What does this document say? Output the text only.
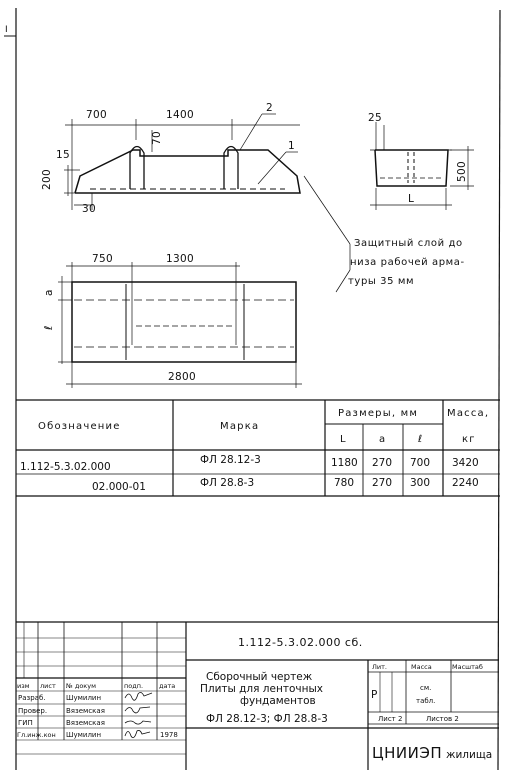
I
700	1400
70
15
200
30
2
1
25
500
L
Защитный слой до
низа рабочей арма-
туры 35 мм
750	1300
a
ℓ
2800
Обозначение	Марка
Размеры, мм	Масса,
кг
L	a	ℓ
1.112-5.3.02.000
ФЛ 28.12-3	1180 270 700 3420
02.000-01	ФЛ 28.8-3	780 270 300 2240
1.112-5.3.02.000 сб.
Сборочный чертеж
Плиты для ленточных
фундаментов
ФЛ 28.12-3; ФЛ 28.8-3
изм лист № докум	подп. дата
Разраб.	Шумилин
Провер.	Вяземская
ГИП	Вяземская
Гл.инж.кон Шумилин	1978
Лит.	Масса	Масштаб
Р
см.
табл.
Лист 2	Листов 2
ЦНИИЭП жилища
